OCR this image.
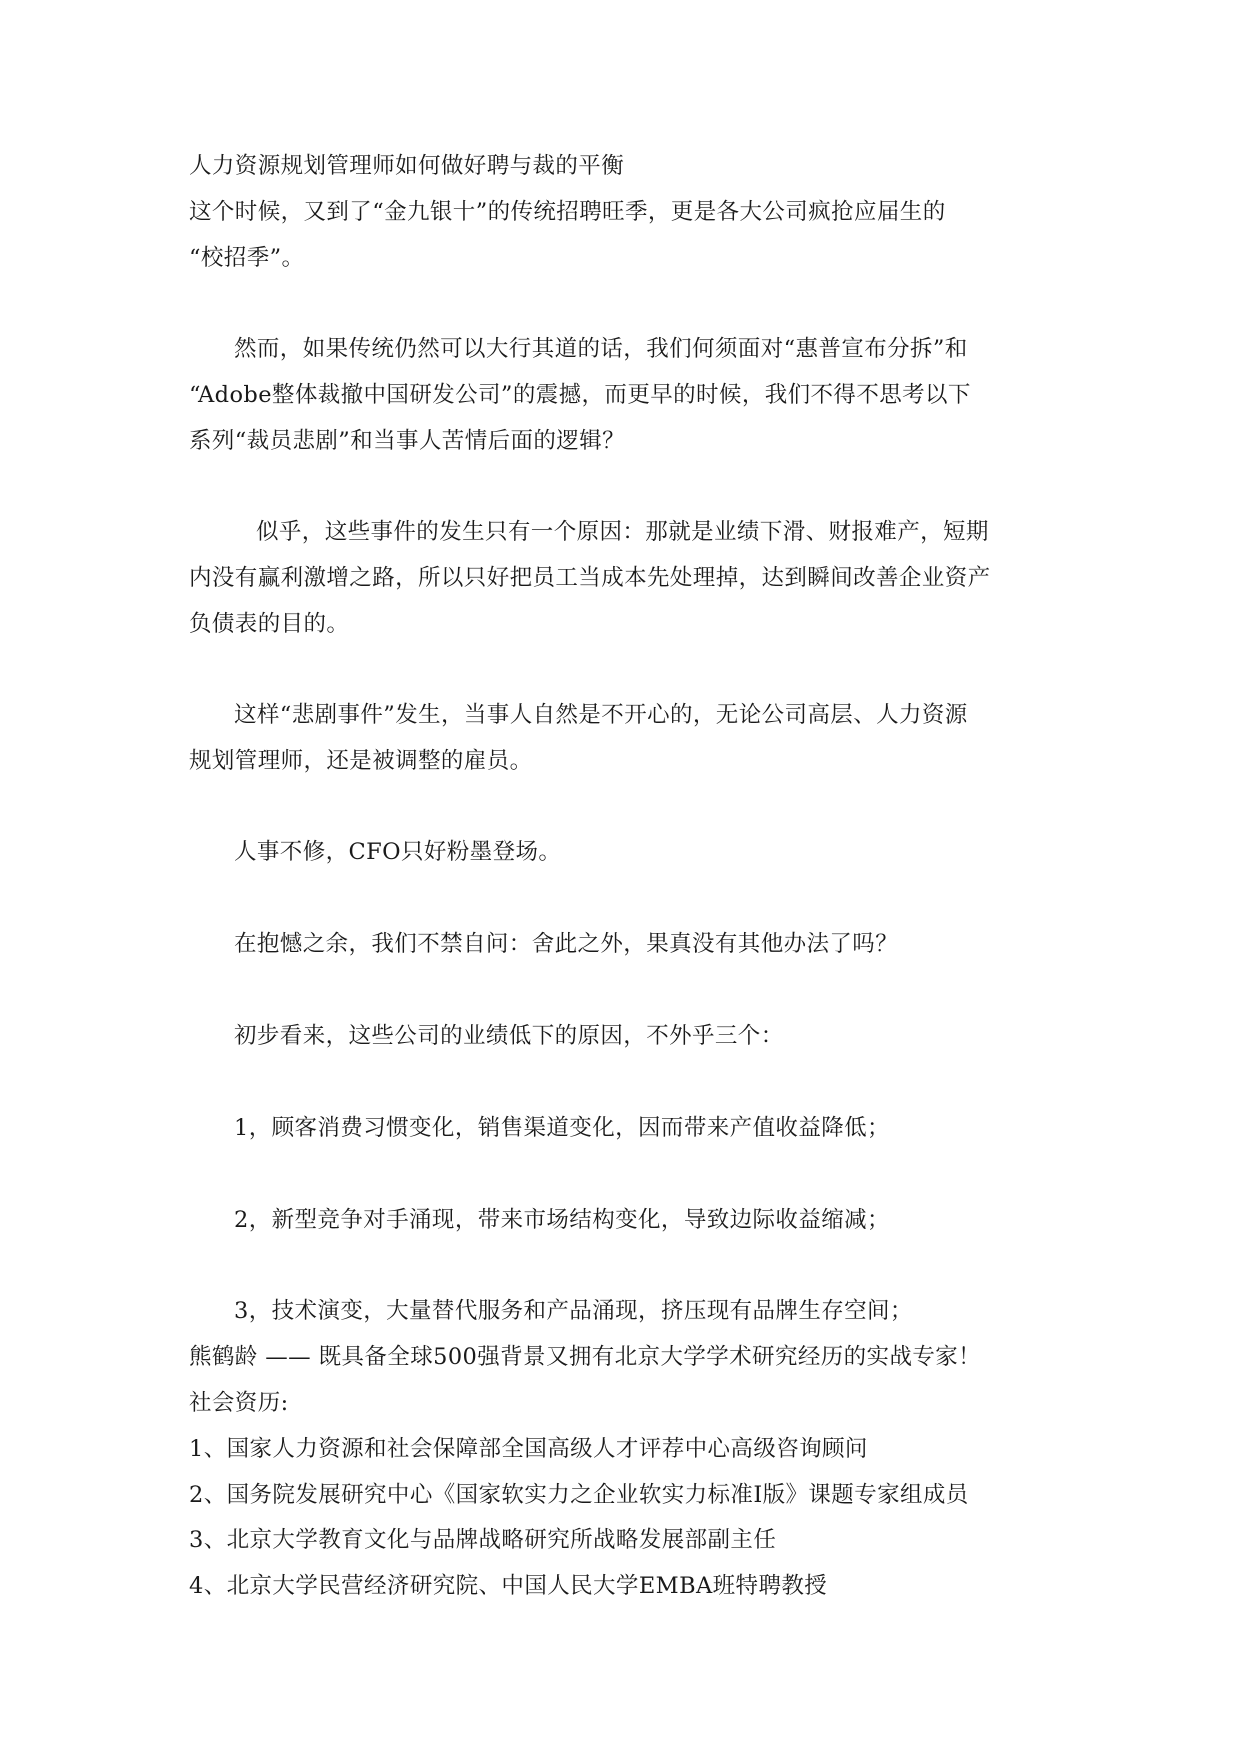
人力资源规划管理师如何做好聘与裁的平衡
这个时候，又到了“金九银十”的传统招聘旺季，更是各大公司疯抢应届生的
“校招季”。
然而，如果传统仍然可以大行其道的话，我们何须面对“惠普宣布分拆”和
“Adobe整体裁撤中国研发公司”的震撼，而更早的时候，我们不得不思考以下
系列“裁员悲剧”和当事人苦情后面的逻辑？
似乎，这些事件的发生只有一个原因：那就是业绩下滑、财报难产，短期
内没有赢利激增之路，所以只好把员工当成本先处理掉，达到瞬间改善企业资产
负债表的目的。
这样“悲剧事件”发生，当事人自然是不开心的，无论公司高层、人力资源
规划管理师，还是被调整的雇员。
人事不修，CFO只好粉墨登场。
在抱憾之余，我们不禁自问：舍此之外，果真没有其他办法了吗？
初步看来，这些公司的业绩低下的原因，不外乎三个：
1，顾客消费习惯变化，销售渠道变化，因而带来产值收益降低；
2，新型竞争对手涌现，带来市场结构变化，导致边际收益缩减；
3，技术演变，大量替代服务和产品涌现，挤压现有品牌生存空间；
熊鹤龄 —— 既具备全球500强背景又拥有北京大学学术研究经历的实战专家！
社会资历:
1、国家人力资源和社会保障部全国高级人才评荐中心高级咨询顾问
2、国务院发展研究中心《国家软实力之企业软实力标准Ⅰ版》课题专家组成员
3、北京大学教育文化与品牌战略研究所战略发展部副主任
4、北京大学民营经济研究院、中国人民大学EMBA班特聘教授
